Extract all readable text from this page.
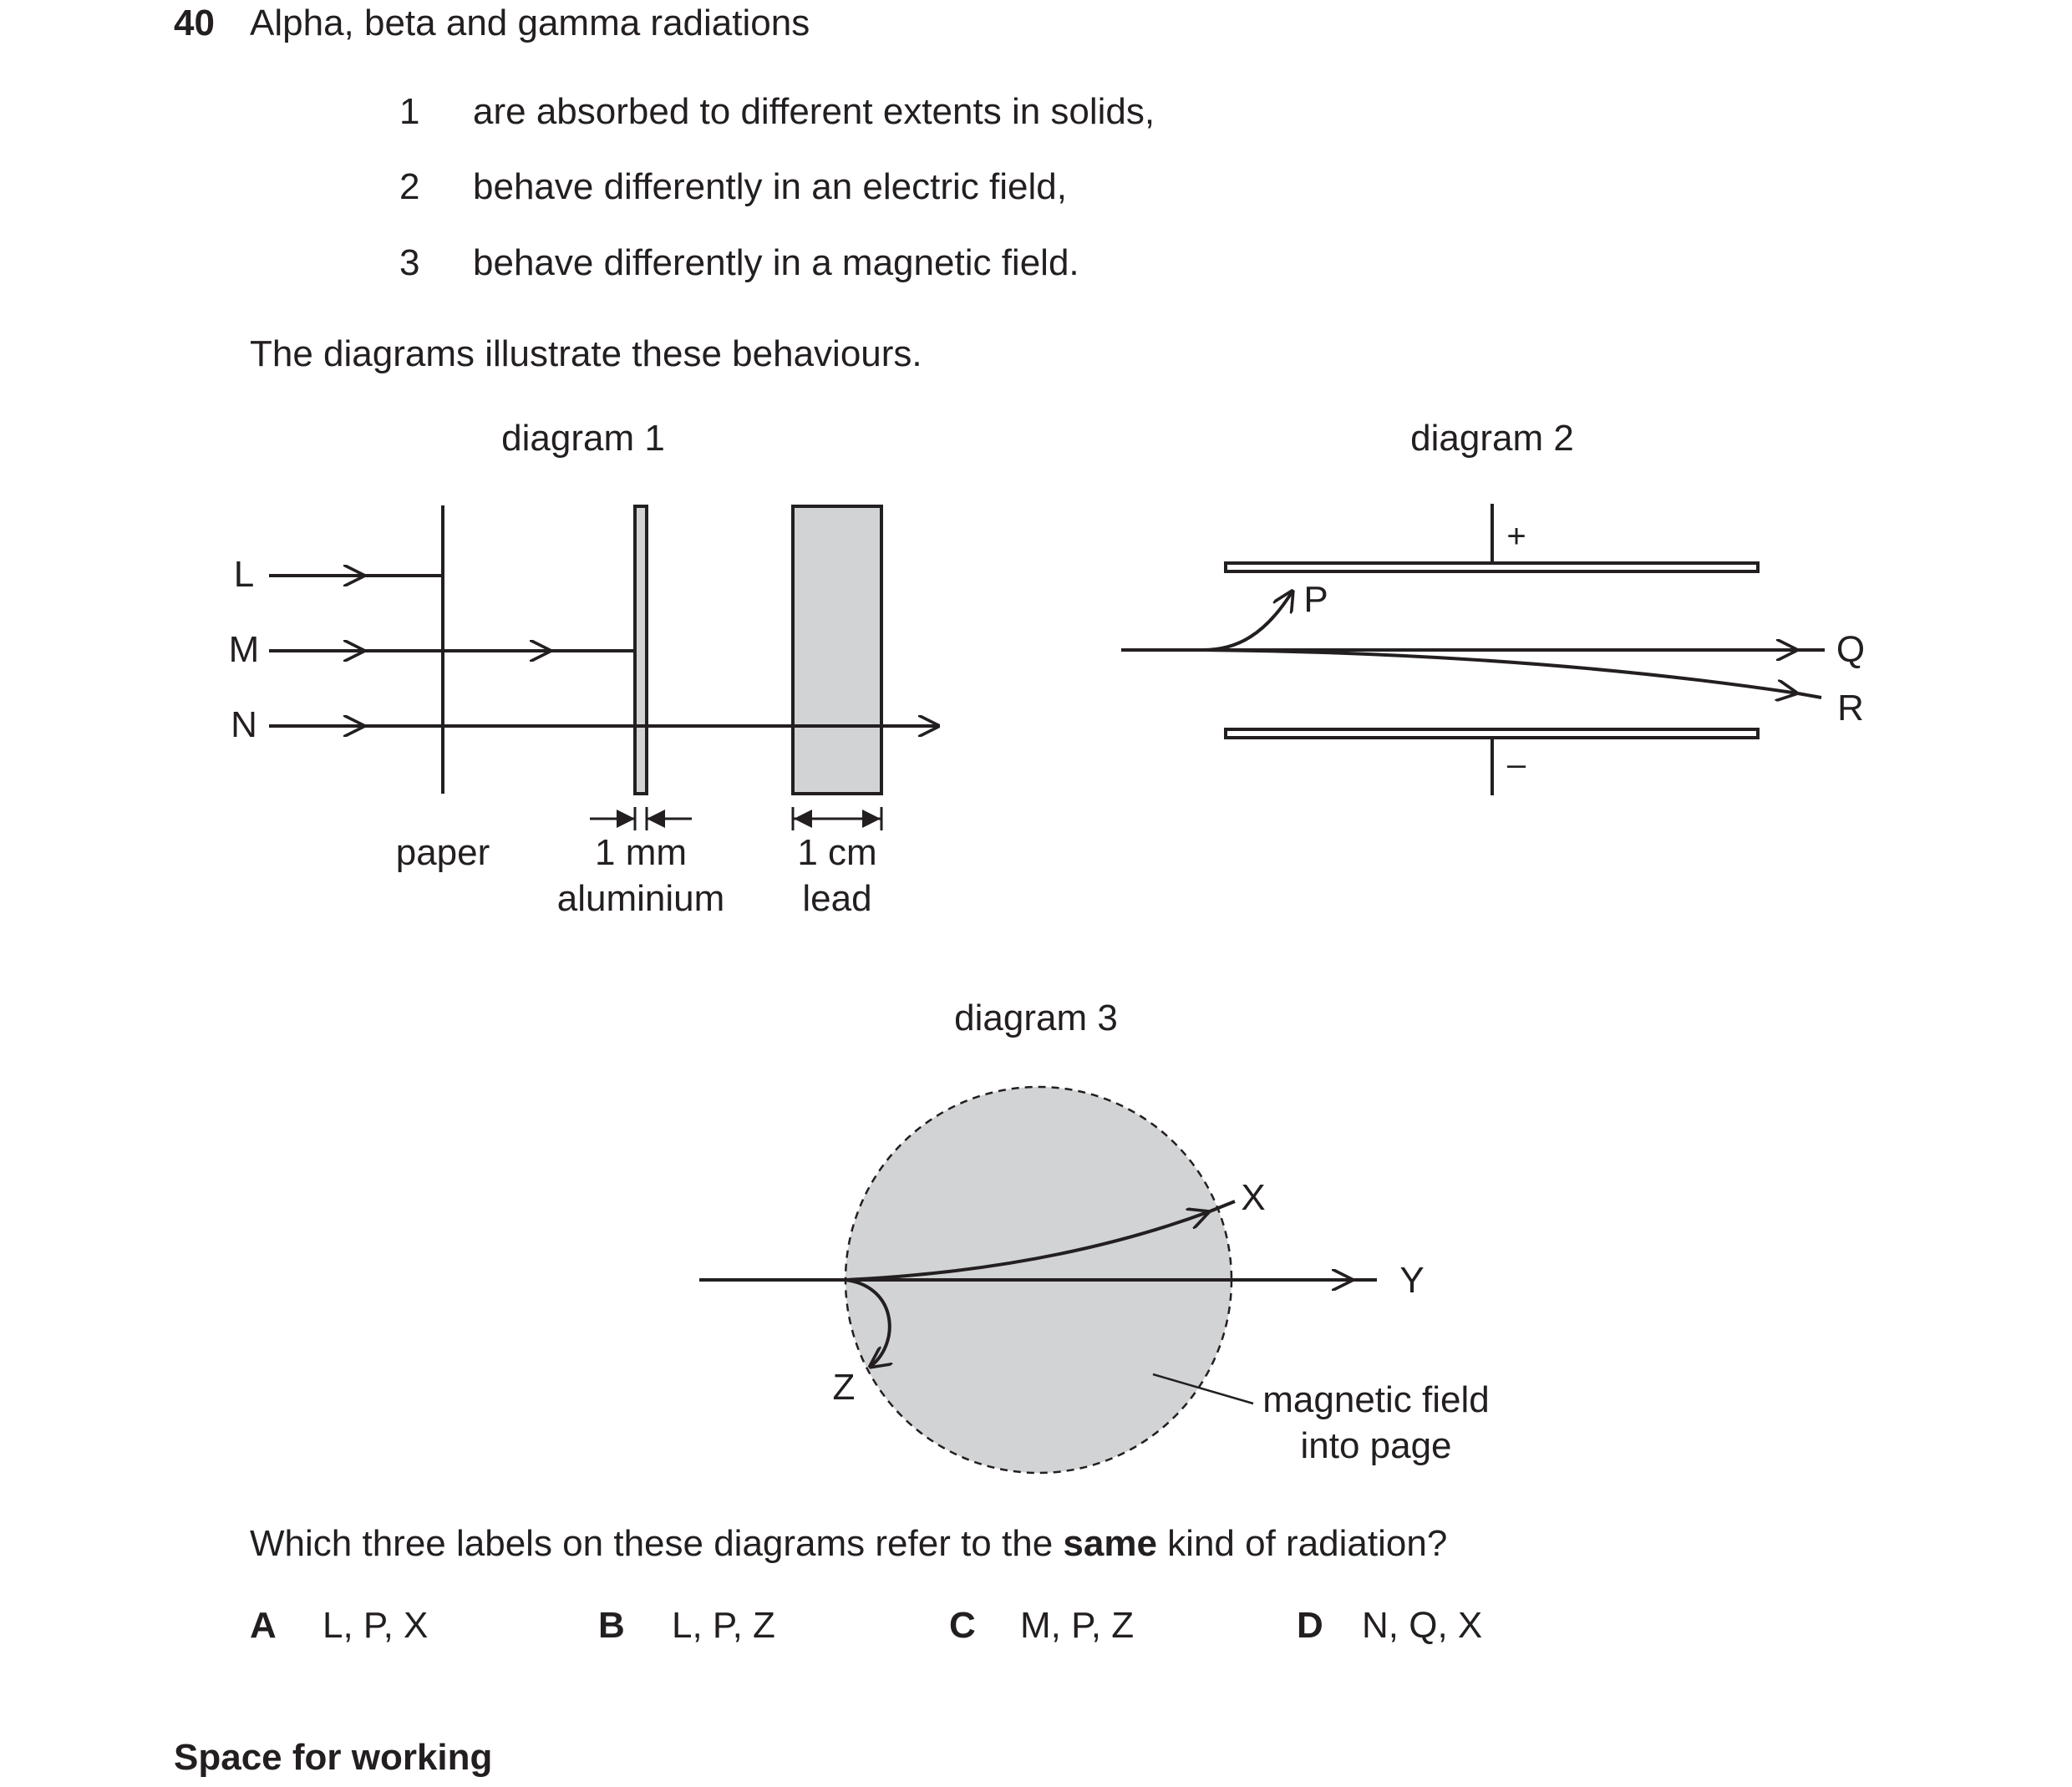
40 Alpha, beta and gamma radiations
1 are absorbed to different extents in solids,
2 behave differently in an electric field,
3 behave differently in a magnetic field.
The diagrams illustrate these behaviours.
diagram 1
L
M
N
paper	1 mm
aluminium
1 cm
lead
diagram 2
+
–
P
Q
R
diagram 3
X
Y
Z	magnetic field
into page
Which three labels on these diagrams refer to the same kind of radiation?
A L, P, X	B L, P, Z	C M, P, Z	D N, Q, X
Space for working
